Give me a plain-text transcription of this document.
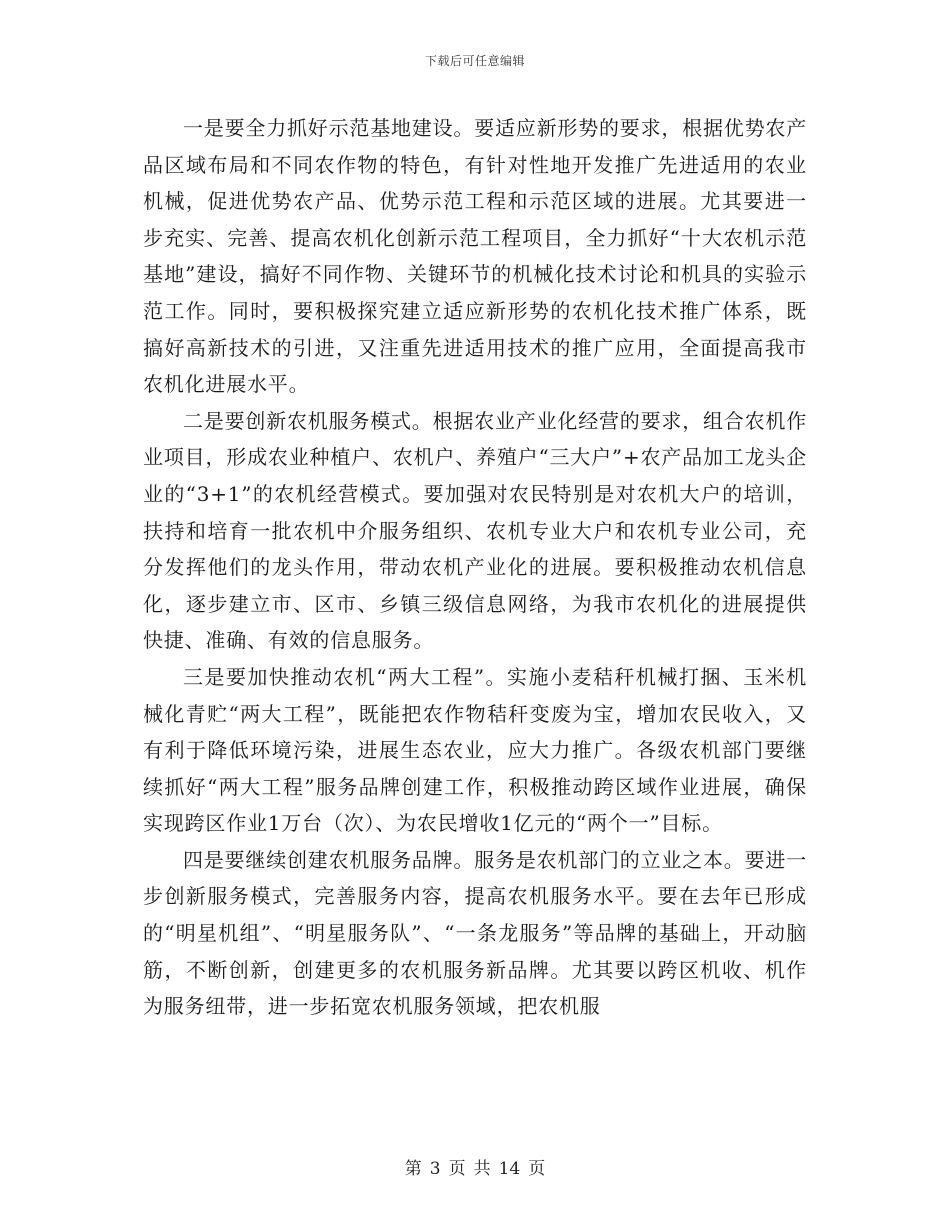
下载后可任意编辑

一是要全力抓好示范基地建设。要适应新形势的要求，根据优势农产品区域布局和不同农作物的特色，有针对性地开发推广先进适用的农业机械，促进优势农产品、优势示范工程和示范区域的进展。尤其要进一步充实、完善、提高农机化创新示范工程项目，全力抓好“十大农机示范基地”建设，搞好不同作物、关键环节的机械化技术讨论和机具的实验示范工作。同时，要积极探究建立适应新形势的农机化技术推广体系，既搞好高新技术的引进，又注重先进适用技术的推广应用，全面提高我市农机化进展水平。

二是要创新农机服务模式。根据农业产业化经营的要求，组合农机作业项目，形成农业种植户、农机户、养殖户“三大户”+农产品加工龙头企业的“3+1”的农机经营模式。要加强对农民特别是对农机大户的培训，扶持和培育一批农机中介服务组织、农机专业大户和农机专业公司，充分发挥他们的龙头作用，带动农机产业化的进展。要积极推动农机信息化，逐步建立市、区市、乡镇三级信息网络，为我市农机化的进展提供快捷、准确、有效的信息服务。

三是要加快推动农机“两大工程”。实施小麦秸秆机械打捆、玉米机械化青贮“两大工程”，既能把农作物秸秆变废为宝，增加农民收入，又有利于降低环境污染，进展生态农业，应大力推广。各级农机部门要继续抓好“两大工程”服务品牌创建工作，积极推动跨区域作业进展，确保实现跨区作业1万台（次）、为农民增收1亿元的“两个一”目标。

四是要继续创建农机服务品牌。服务是农机部门的立业之本。要进一步创新服务模式，完善服务内容，提高农机服务水平。要在去年已形成的“明星机组”、“明星服务队”、“一条龙服务”等品牌的基础上，开动脑筋，不断创新，创建更多的农机服务新品牌。尤其要以跨区机收、机作为服务纽带，进一步拓宽农机服务领域，把农机服

第 3 页 共 14 页
